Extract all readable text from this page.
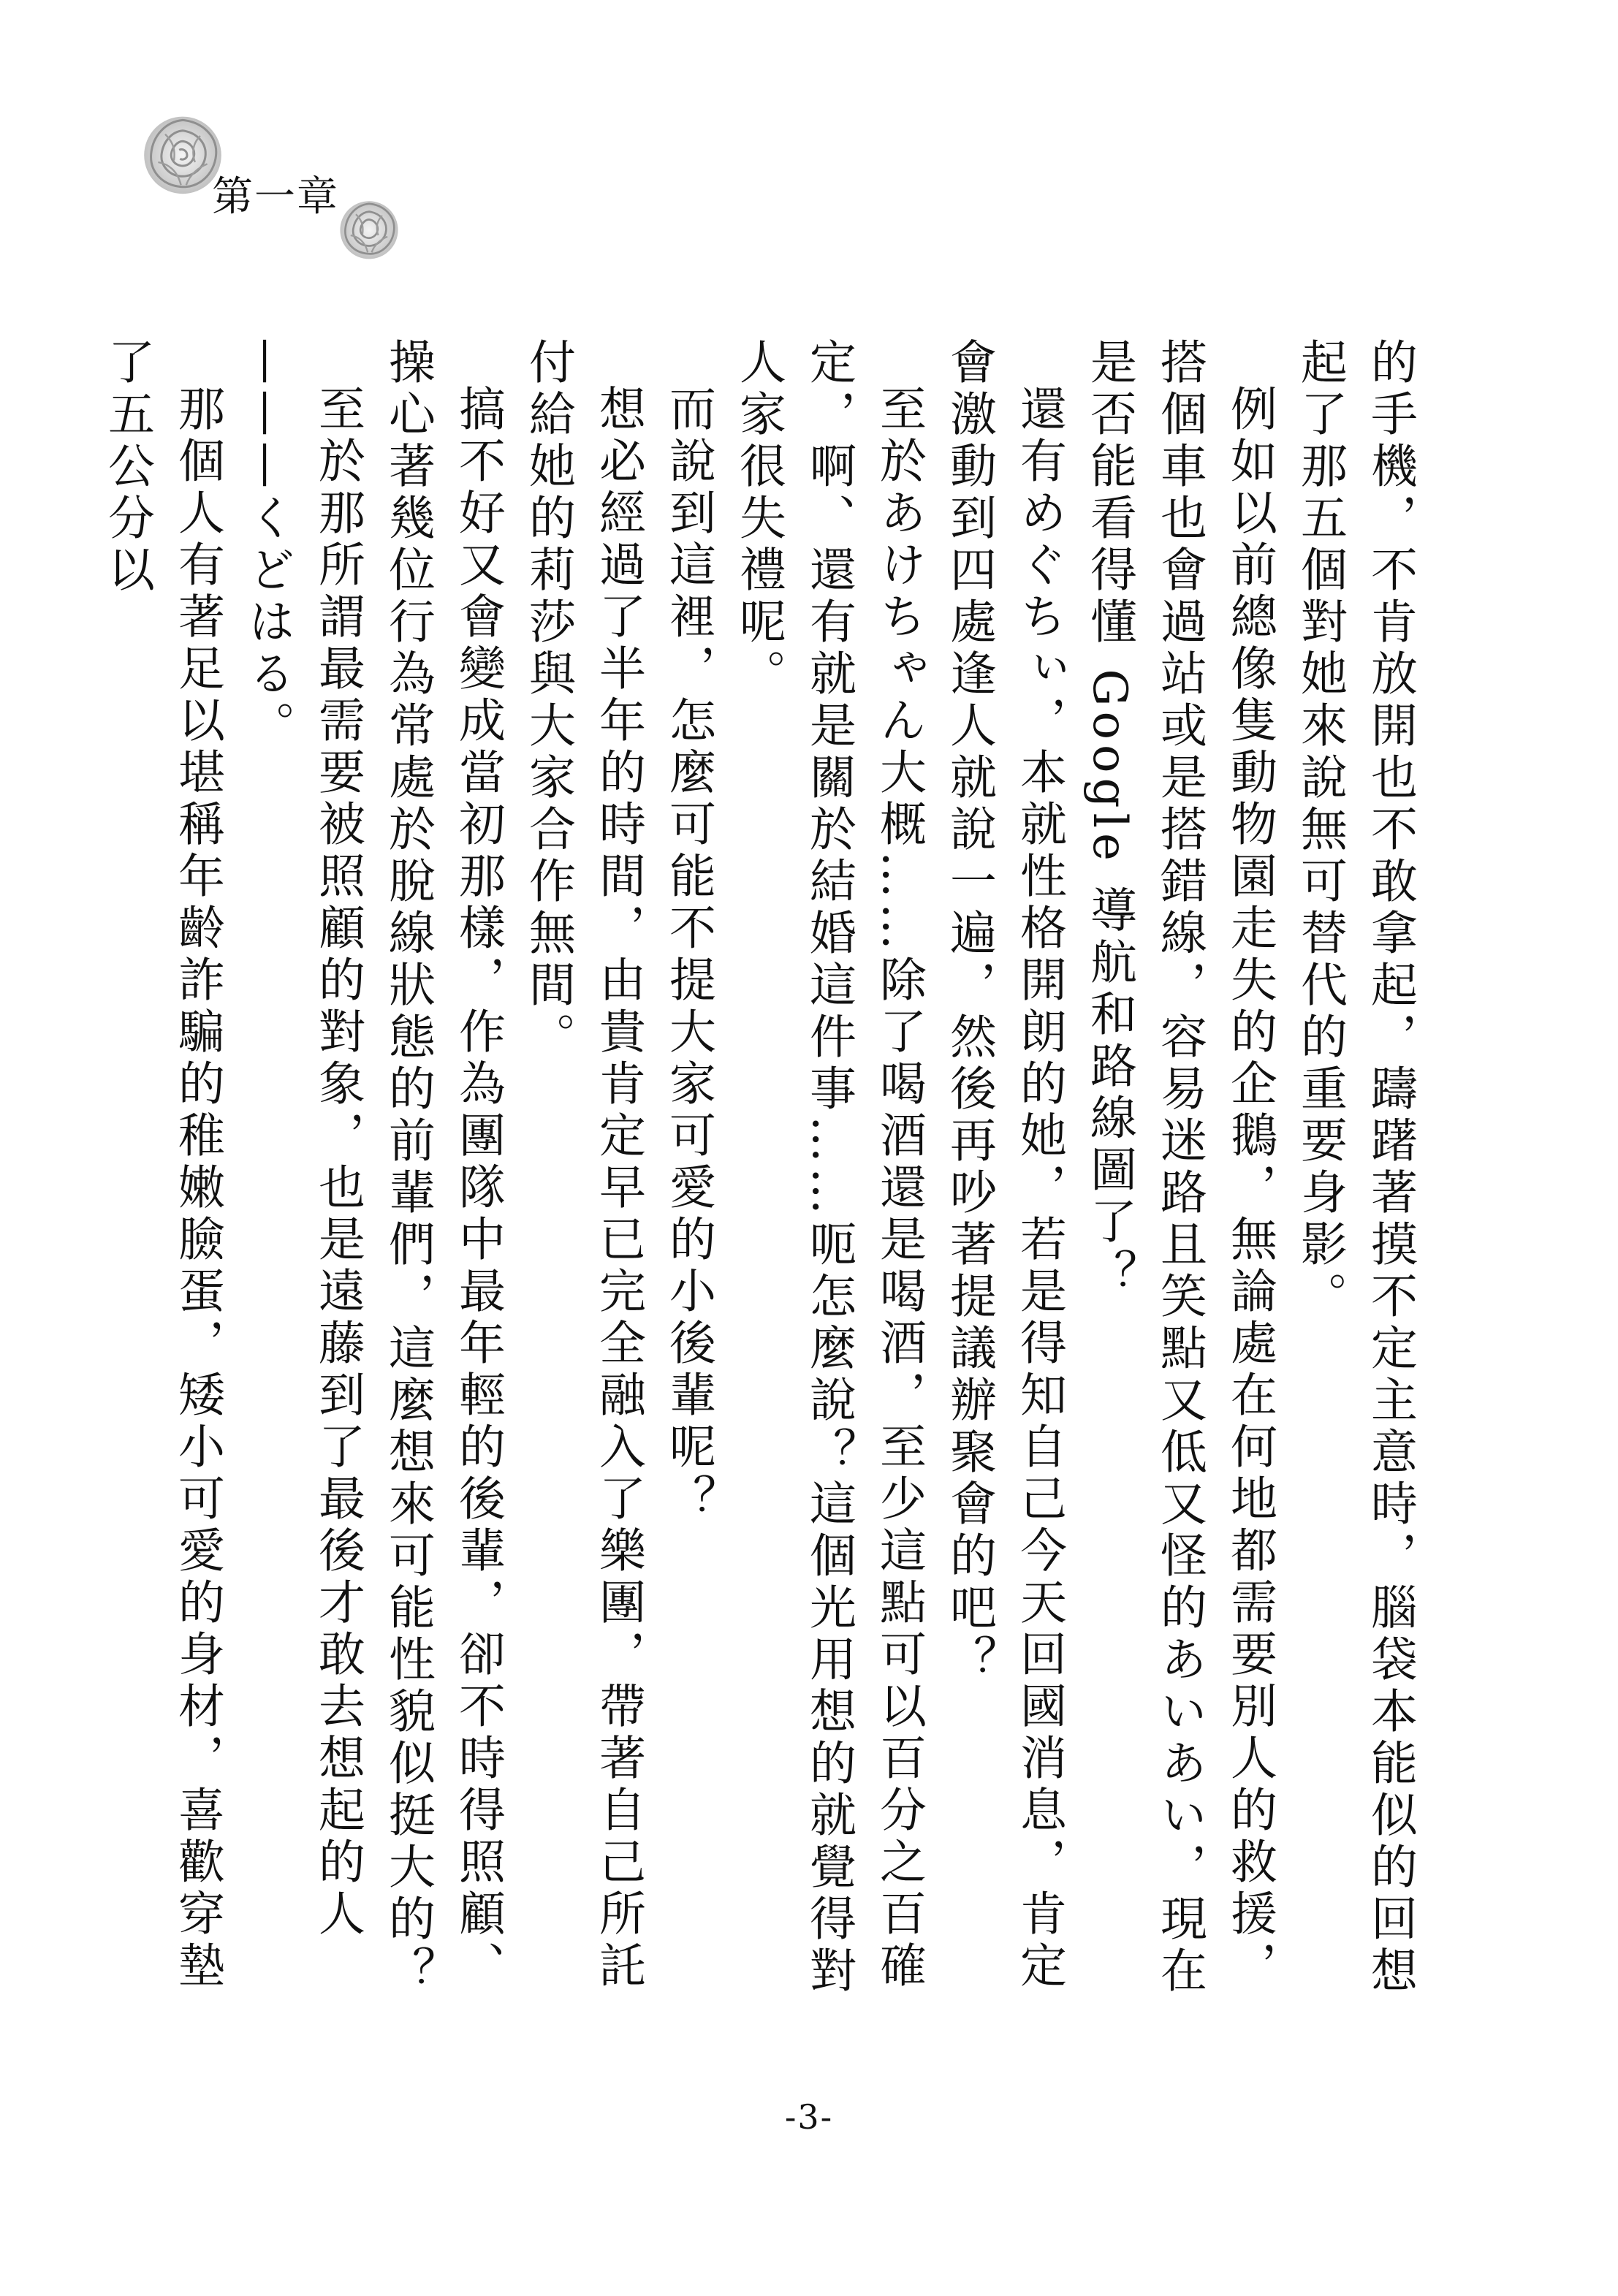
第一章

的手機，不肯放開也不敢拿起，躊躇著摸不定主意時，腦袋本能似的回想起了那五個對她來說無可替代的重要身影。

例如以前總像隻動物園走失的企鵝，無論處在何地都需要別人的救援，搭個車也會過站或是搭錯線，容易迷路且笑點又低又怪的あいあい，現在是否能看得懂 Google 導航和路線圖了？

還有めぐちぃ，本就性格開朗的她，若是得知自己今天回國消息，肯定會激動到四處逢人就說一遍，然後再吵著提議辦聚會的吧？

至於あけちゃん大概……除了喝酒還是喝酒，至少這點可以百分之百確定，啊、還有就是關於結婚這件事……呃怎麼說？這個光用想的就覺得對人家很失禮呢。

而說到這裡，怎麼可能不提大家可愛的小後輩呢？

想必經過了半年的時間，由貴肯定早已完全融入了樂團，帶著自己所託付給她的莉莎與大家合作無間。

搞不好又會變成當初那樣，作為團隊中最年輕的後輩，卻不時得照顧、操心著幾位行為常處於脫線狀態的前輩們，這麼想來可能性貌似挺大的？

至於那所謂最需要被照顧的對象，也是遠藤到了最後才敢去想起的人———くどはる。

那個人有著足以堪稱年齡詐騙的稚嫩臉蛋，矮小可愛的身材，喜歡穿墊了五公分以

-3-
